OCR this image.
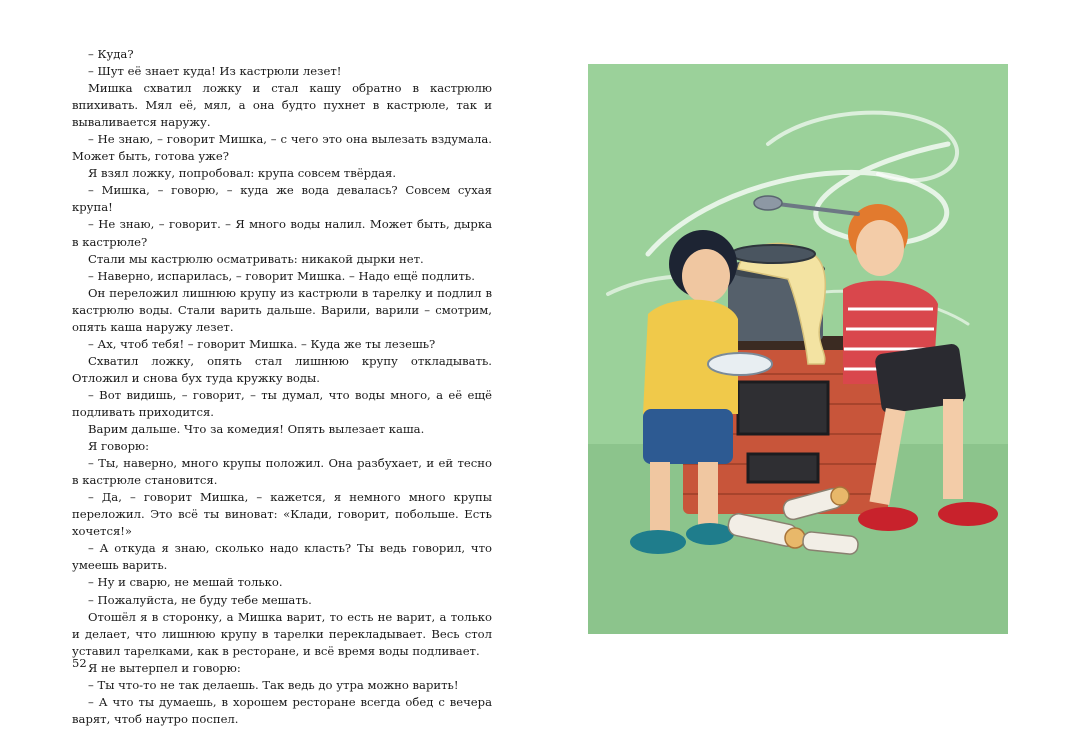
– Куда?

– Шут её знает куда! Из кастрюли лезет!

Мишка схватил ложку и стал кашу обратно в кастрюлю впихивать. Мял её, мял, а она будто пухнет в кастрюле, так и вываливается наружу.

– Не знаю, – говорит Мишка, – с чего это она вылезать вздумала. Может быть, готова уже?

Я взял ложку, попробовал: крупа совсем твёрдая.

– Мишка, – говорю, – куда же вода девалась? Совсем сухая крупа!

– Не знаю, – говорит. – Я много воды налил. Может быть, дырка в кастрюле?

Стали мы кастрюлю осматривать: никакой дырки нет.

– Наверно, испарилась, – говорит Мишка. – Надо ещё подлить.

Он переложил лишнюю крупу из кастрюли в тарелку и подлил в кастрюлю воды. Стали варить дальше. Варили, варили – смотрим, опять каша наружу лезет.

– Ах, чтоб тебя! – говорит Мишка. – Куда же ты лезешь?

Схватил ложку, опять стал лишнюю крупу откладывать. Отложил и снова бух туда кружку воды.

– Вот видишь, – говорит, – ты думал, что воды много, а её ещё подливать приходится.

Варим дальше. Что за комедия! Опять вылезает каша.

Я говорю:

– Ты, наверно, много крупы положил. Она разбухает, и ей тесно в кастрюле становится.

– Да, – говорит Мишка, – кажется, я немного много крупы переложил. Это всё ты виноват: «Клади, говорит, побольше. Есть хочется!»

– А откуда я знаю, сколько надо класть? Ты ведь говорил, что умеешь варить.

– Ну и сварю, не мешай только.

– Пожалуйста, не буду тебе мешать.

Отошёл я в сторонку, а Мишка варит, то есть не варит, а только и делает, что лишнюю крупу в тарелки перекладывает. Весь стол уставил тарелками, как в ресторане, и всё время воды подливает.

Я не вытерпел и говорю:

– Ты что-то не так делаешь. Так ведь до утра можно варить!

– А что ты думаешь, в хорошем ресторане всегда обед с вечера варят, чтоб наутро поспел.

52
